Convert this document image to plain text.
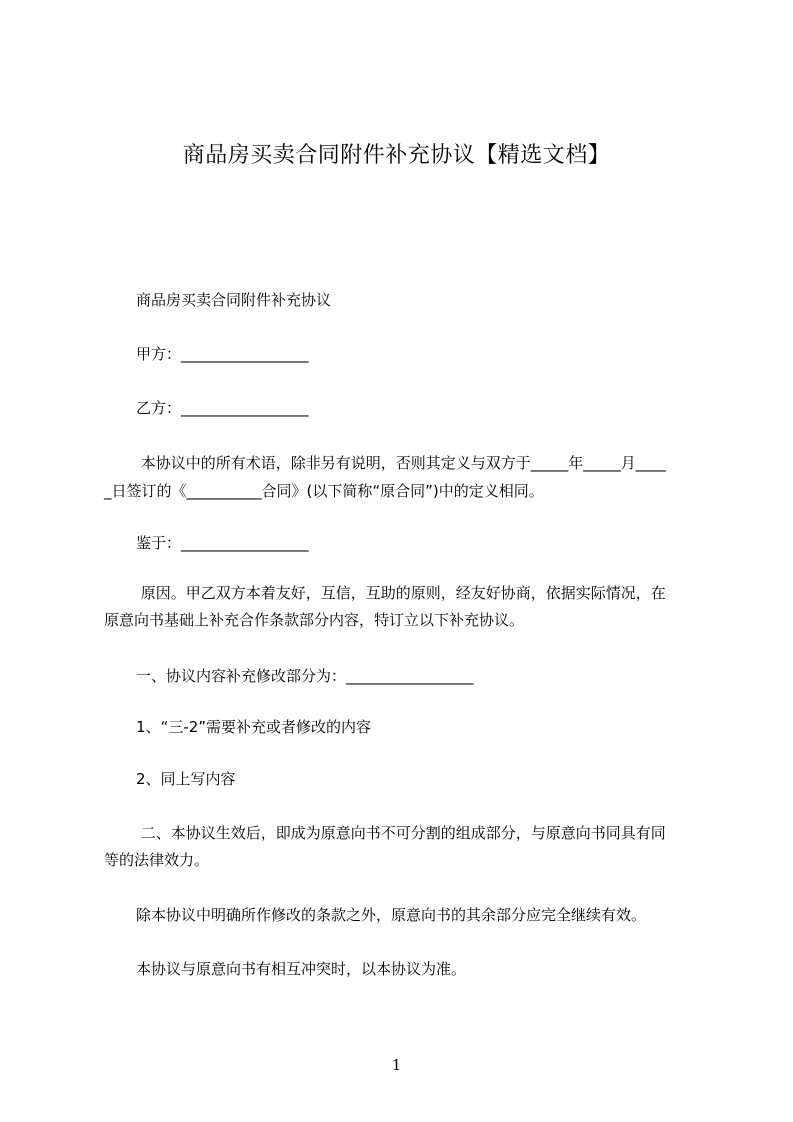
商品房买卖合同附件补充协议【精选文档】
商品房买卖合同附件补充协议
甲方：_________________
乙方：_________________
本协议中的所有术语，除非另有说明，否则其定义与双方于_____年_____月____
_日签订的《__________合同》(以下简称“原合同”)中的定义相同。
鉴于：_________________
原因。甲乙双方本着友好，互信，互助的原则，经友好协商，依据实际情况，在
原意向书基础上补充合作条款部分内容，特订立以下补充协议。
一、协议内容补充修改部分为：_________________
1、“三-2”需要补充或者修改的内容
2、同上写内容
二、本协议生效后，即成为原意向书不可分割的组成部分，与原意向书同具有同
等的法律效力。
除本协议中明确所作修改的条款之外，原意向书的其余部分应完全继续有效。
本协议与原意向书有相互冲突时，以本协议为准。
1
